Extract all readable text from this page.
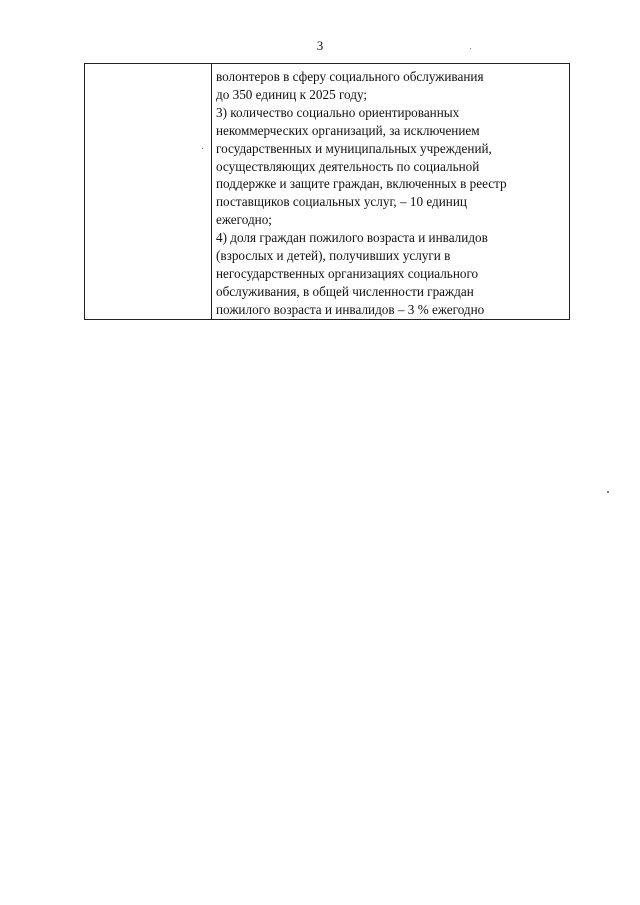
3

волонтеров в сферу социального обслуживания
до 350 единиц к 2025 году;
3) количество социально ориентированных
некоммерческих организаций, за исключением
государственных и муниципальных учреждений,
осуществляющих деятельность по социальной
поддержке и защите граждан, включенных в реестр
поставщиков социальных услуг, – 10 единиц
ежегодно;
4) доля граждан пожилого возраста и инвалидов
(взрослых и детей), получивших услуги в
негосударственных организациях социального
обслуживания, в общей численности граждан
пожилого возраста и инвалидов – 3 % ежегодно
